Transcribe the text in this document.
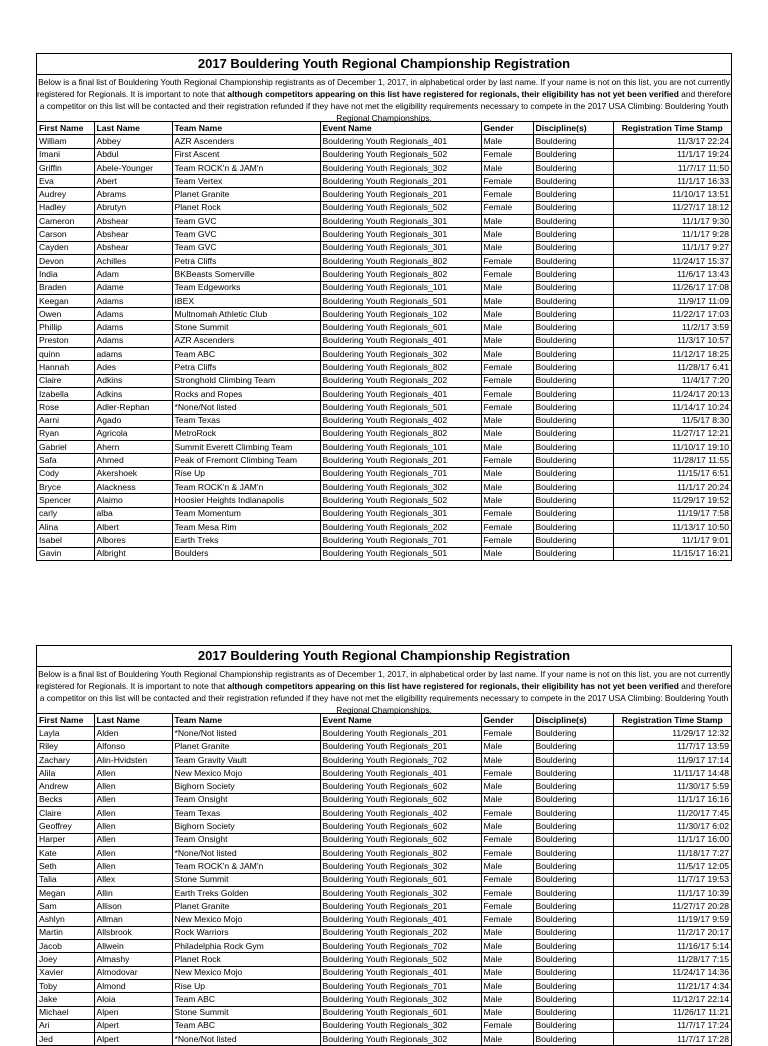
2017 Bouldering Youth Regional Championship Registration
Below is a final list of Bouldering Youth Regional Championship registrants as of December 1, 2017, in alphabetical order by last name. If your name is not on this list, you are not currently registered for Regionals. It is important to note that although competitors appearing on this list have registered for regionals, their eligibility has not yet been verified and therefore a competitor on this list will be contacted and their registration refunded if they have not met the eligibility requirements necessary to compete in the 2017 USA Climbing: Bouldering Youth Regional Championships.
First Name	Last Name	Team Name	Event Name	Gender	Discipline(s)	Registration Time Stamp
William	Abbey	AZR Ascenders	Bouldering Youth Regionals_401	Male	Bouldering	11/3/17 22:24
Imani	Abdul	First Ascent	Bouldering Youth Regionals_502	Female	Bouldering	11/1/17 19:24
Griffin	Abele-Younger	Team ROCK'n & JAM'n	Bouldering Youth Regionals_302	Male	Bouldering	11/7/17 11:50
Eva	Abert	Team Vertex	Bouldering Youth Regionals_201	Female	Bouldering	11/1/17 16:33
Audrey	Abrams	Planet Granite	Bouldering Youth Regionals_201	Female	Bouldering	11/10/17 13:51
Hadley	Abrutyn	Planet Rock	Bouldering Youth Regionals_502	Female	Bouldering	11/27/17 18:12
Cameron	Abshear	Team GVC	Bouldering Youth Regionals_301	Male	Bouldering	11/1/17 9:30
Carson	Abshear	Team GVC	Bouldering Youth Regionals_301	Male	Bouldering	11/1/17 9:28
Cayden	Abshear	Team GVC	Bouldering Youth Regionals_301	Male	Bouldering	11/1/17 9:27
Devon	Achilles	Petra Cliffs	Bouldering Youth Regionals_802	Female	Bouldering	11/24/17 15:37
India	Adam	BKBeasts Somerville	Bouldering Youth Regionals_802	Female	Bouldering	11/6/17 13:43
Braden	Adame	Team Edgeworks	Bouldering Youth Regionals_101	Male	Bouldering	11/26/17 17:08
Keegan	Adams	IBEX	Bouldering Youth Regionals_501	Male	Bouldering	11/9/17 11:09
Owen	Adams	Multnomah Athletic Club	Bouldering Youth Regionals_102	Male	Bouldering	11/22/17 17:03
Phillip	Adams	Stone Summit	Bouldering Youth Regionals_601	Male	Bouldering	11/2/17 3:59
Preston	Adams	AZR Ascenders	Bouldering Youth Regionals_401	Male	Bouldering	11/3/17 10:57
quinn	adams	Team ABC	Bouldering Youth Regionals_302	Male	Bouldering	11/12/17 18:25
Hannah	Ades	Petra Cliffs	Bouldering Youth Regionals_802	Female	Bouldering	11/28/17 6:41
Claire	Adkins	Stronghold Climbing Team	Bouldering Youth Regionals_202	Female	Bouldering	11/4/17 7:20
Izabella	Adkins	Rocks and Ropes	Bouldering Youth Regionals_401	Female	Bouldering	11/24/17 20:13
Rose	Adler-Rephan	*None/Not listed	Bouldering Youth Regionals_501	Female	Bouldering	11/14/17 10:24
Aarni	Agado	Team Texas	Bouldering Youth Regionals_402	Male	Bouldering	11/5/17 8:30
Ryan	Agricola	MetroRock	Bouldering Youth Regionals_802	Male	Bouldering	11/27/17 12:21
Gabriel	Ahern	Summit Everett Climbing Team	Bouldering Youth Regionals_101	Male	Bouldering	11/10/17 19:10
Safa	Ahmed	Peak of Fremont Climbing Team	Bouldering Youth Regionals_201	Female	Bouldering	11/28/17 11:55
Cody	Akershoek	Rise Up	Bouldering Youth Regionals_701	Male	Bouldering	11/15/17 6:51
Bryce	Alackness	Team ROCK'n & JAM'n	Bouldering Youth Regionals_302	Male	Bouldering	11/1/17 20:24
Spencer	Alaimo	Hoosier Heights Indianapolis	Bouldering Youth Regionals_502	Male	Bouldering	11/29/17 19:52
carly	alba	Team Momentum	Bouldering Youth Regionals_301	Female	Bouldering	11/19/17 7:58
Alina	Albert	Team Mesa Rim	Bouldering Youth Regionals_202	Female	Bouldering	11/13/17 10:50
Isabel	Albores	Earth Treks	Bouldering Youth Regionals_701	Female	Bouldering	11/1/17 9:01
Gavin	Albright	Boulders	Bouldering Youth Regionals_501	Male	Bouldering	11/15/17 16:21
2017 Bouldering Youth Regional Championship Registration
Below is a final list of Bouldering Youth Regional Championship registrants as of December 1, 2017, in alphabetical order by last name. If your name is not on this list, you are not currently registered for Regionals. It is important to note that although competitors appearing on this list have registered for regionals, their eligibility has not yet been verified and therefore a competitor on this list will be contacted and their registration refunded if they have not met the eligibility requirements necessary to compete in the 2017 USA Climbing: Bouldering Youth Regional Championships.
First Name	Last Name	Team Name	Event Name	Gender	Discipline(s)	Registration Time Stamp
Layla	Alden	*None/Not listed	Bouldering Youth Regionals_201	Female	Bouldering	11/29/17 12:32
Riley	Alfonso	Planet Granite	Bouldering Youth Regionals_201	Male	Bouldering	11/7/17 13:59
Zachary	Alin-Hvidsten	Team Gravity Vault	Bouldering Youth Regionals_702	Male	Bouldering	11/9/17 17:14
Alila	Allen	New Mexico Mojo	Bouldering Youth Regionals_401	Female	Bouldering	11/11/17 14:48
Andrew	Allen	Bighorn Society	Bouldering Youth Regionals_602	Male	Bouldering	11/30/17 5:59
Becks	Allen	Team Onsight	Bouldering Youth Regionals_602	Male	Bouldering	11/1/17 16:16
Claire	Allen	Team Texas	Bouldering Youth Regionals_402	Female	Bouldering	11/20/17 7:45
Geoffrey	Allen	Bighorn Society	Bouldering Youth Regionals_602	Male	Bouldering	11/30/17 6:02
Harper	Allen	Team Onsight	Bouldering Youth Regionals_602	Female	Bouldering	11/1/17 16:00
Kate	Allen	*None/Not listed	Bouldering Youth Regionals_802	Female	Bouldering	11/18/17 7:27
Seth	Allen	Team ROCK'n & JAM'n	Bouldering Youth Regionals_302	Male	Bouldering	11/5/17 12:05
Talia	Allex	Stone Summit	Bouldering Youth Regionals_601	Female	Bouldering	11/7/17 19:53
Megan	Allin	Earth Treks Golden	Bouldering Youth Regionals_302	Female	Bouldering	11/1/17 10:39
Sam	Allison	Planet Granite	Bouldering Youth Regionals_201	Female	Bouldering	11/27/17 20:28
Ashlyn	Allman	New Mexico Mojo	Bouldering Youth Regionals_401	Female	Bouldering	11/19/17 9:59
Martin	Allsbrook	Rock Warriors	Bouldering Youth Regionals_202	Male	Bouldering	11/2/17 20:17
Jacob	Allwein	Philadelphia Rock Gym	Bouldering Youth Regionals_702	Male	Bouldering	11/16/17 5:14
Joey	Almashy	Planet Rock	Bouldering Youth Regionals_502	Male	Bouldering	11/28/17 7:15
Xavier	Almodovar	New Mexico Mojo	Bouldering Youth Regionals_401	Male	Bouldering	11/24/17 14:36
Toby	Almond	Rise Up	Bouldering Youth Regionals_701	Male	Bouldering	11/21/17 4:34
Jake	Aloia	Team ABC	Bouldering Youth Regionals_302	Male	Bouldering	11/12/17 22:14
Michael	Alpen	Stone Summit	Bouldering Youth Regionals_601	Male	Bouldering	11/26/17 11:21
Ari	Alpert	Team ABC	Bouldering Youth Regionals_302	Female	Bouldering	11/7/17 17:24
Jed	Alpert	*None/Not listed	Bouldering Youth Regionals_302	Male	Bouldering	11/7/17 17:28
